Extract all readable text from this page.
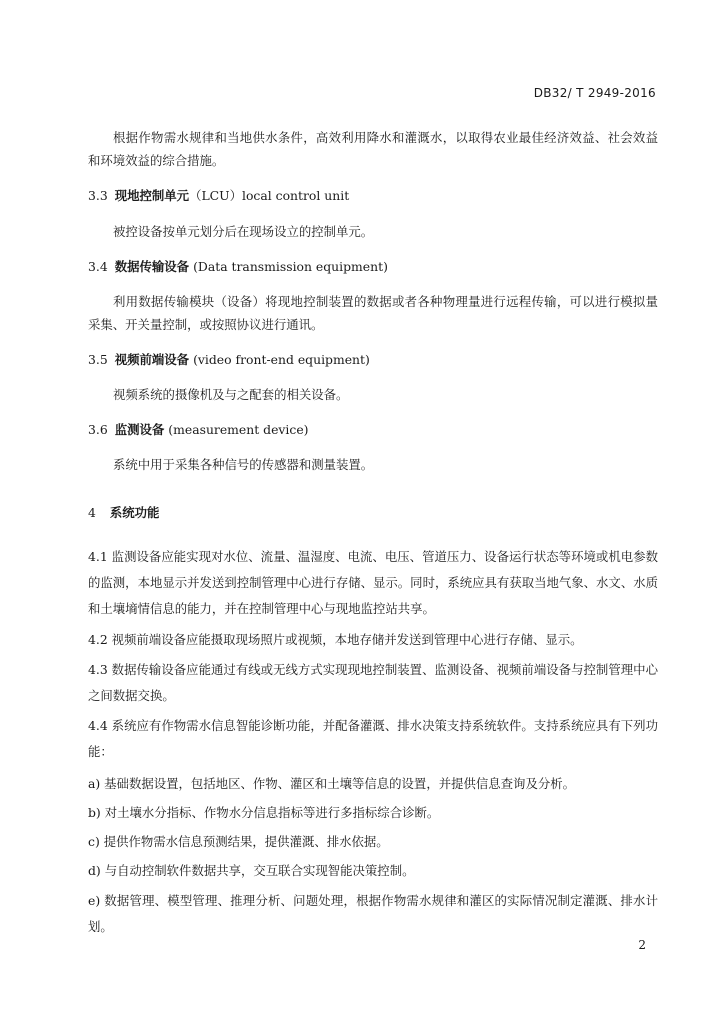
DB32/ T 2949-2016

根据作物需水规律和当地供水条件，高效利用降水和灌溉水，以取得农业最佳经济效益、社会效益和环境效益的综合措施。

3.3 现地控制单元（LCU）local control unit

被控设备按单元划分后在现场设立的控制单元。

3.4 数据传输设备 (Data transmission equipment)

利用数据传输模块（设备）将现地控制装置的数据或者各种物理量进行远程传输，可以进行模拟量采集、开关量控制，或按照协议进行通讯。

3.5 视频前端设备 (video front-end equipment)

视频系统的摄像机及与之配套的相关设备。

3.6 监测设备 (measurement device)

系统中用于采集各种信号的传感器和测量装置。

4 系统功能

4.1 监测设备应能实现对水位、流量、温湿度、电流、电压、管道压力、设备运行状态等环境或机电参数的监测，本地显示并发送到控制管理中心进行存储、显示。同时，系统应具有获取当地气象、水文、水质和土壤墒情信息的能力，并在控制管理中心与现地监控站共享。

4.2 视频前端设备应能摄取现场照片或视频，本地存储并发送到管理中心进行存储、显示。

4.3 数据传输设备应能通过有线或无线方式实现现地控制装置、监测设备、视频前端设备与控制管理中心之间数据交换。

4.4 系统应有作物需水信息智能诊断功能，并配备灌溉、排水决策支持系统软件。支持系统应具有下列功能：

a) 基础数据设置，包括地区、作物、灌区和土壤等信息的设置，并提供信息查询及分析。

b) 对土壤水分指标、作物水分信息指标等进行多指标综合诊断。

c) 提供作物需水信息预测结果，提供灌溉、排水依据。

d) 与自动控制软件数据共享，交互联合实现智能决策控制。

e) 数据管理、模型管理、推理分析、问题处理，根据作物需水规律和灌区的实际情况制定灌溉、排水计划。

2
